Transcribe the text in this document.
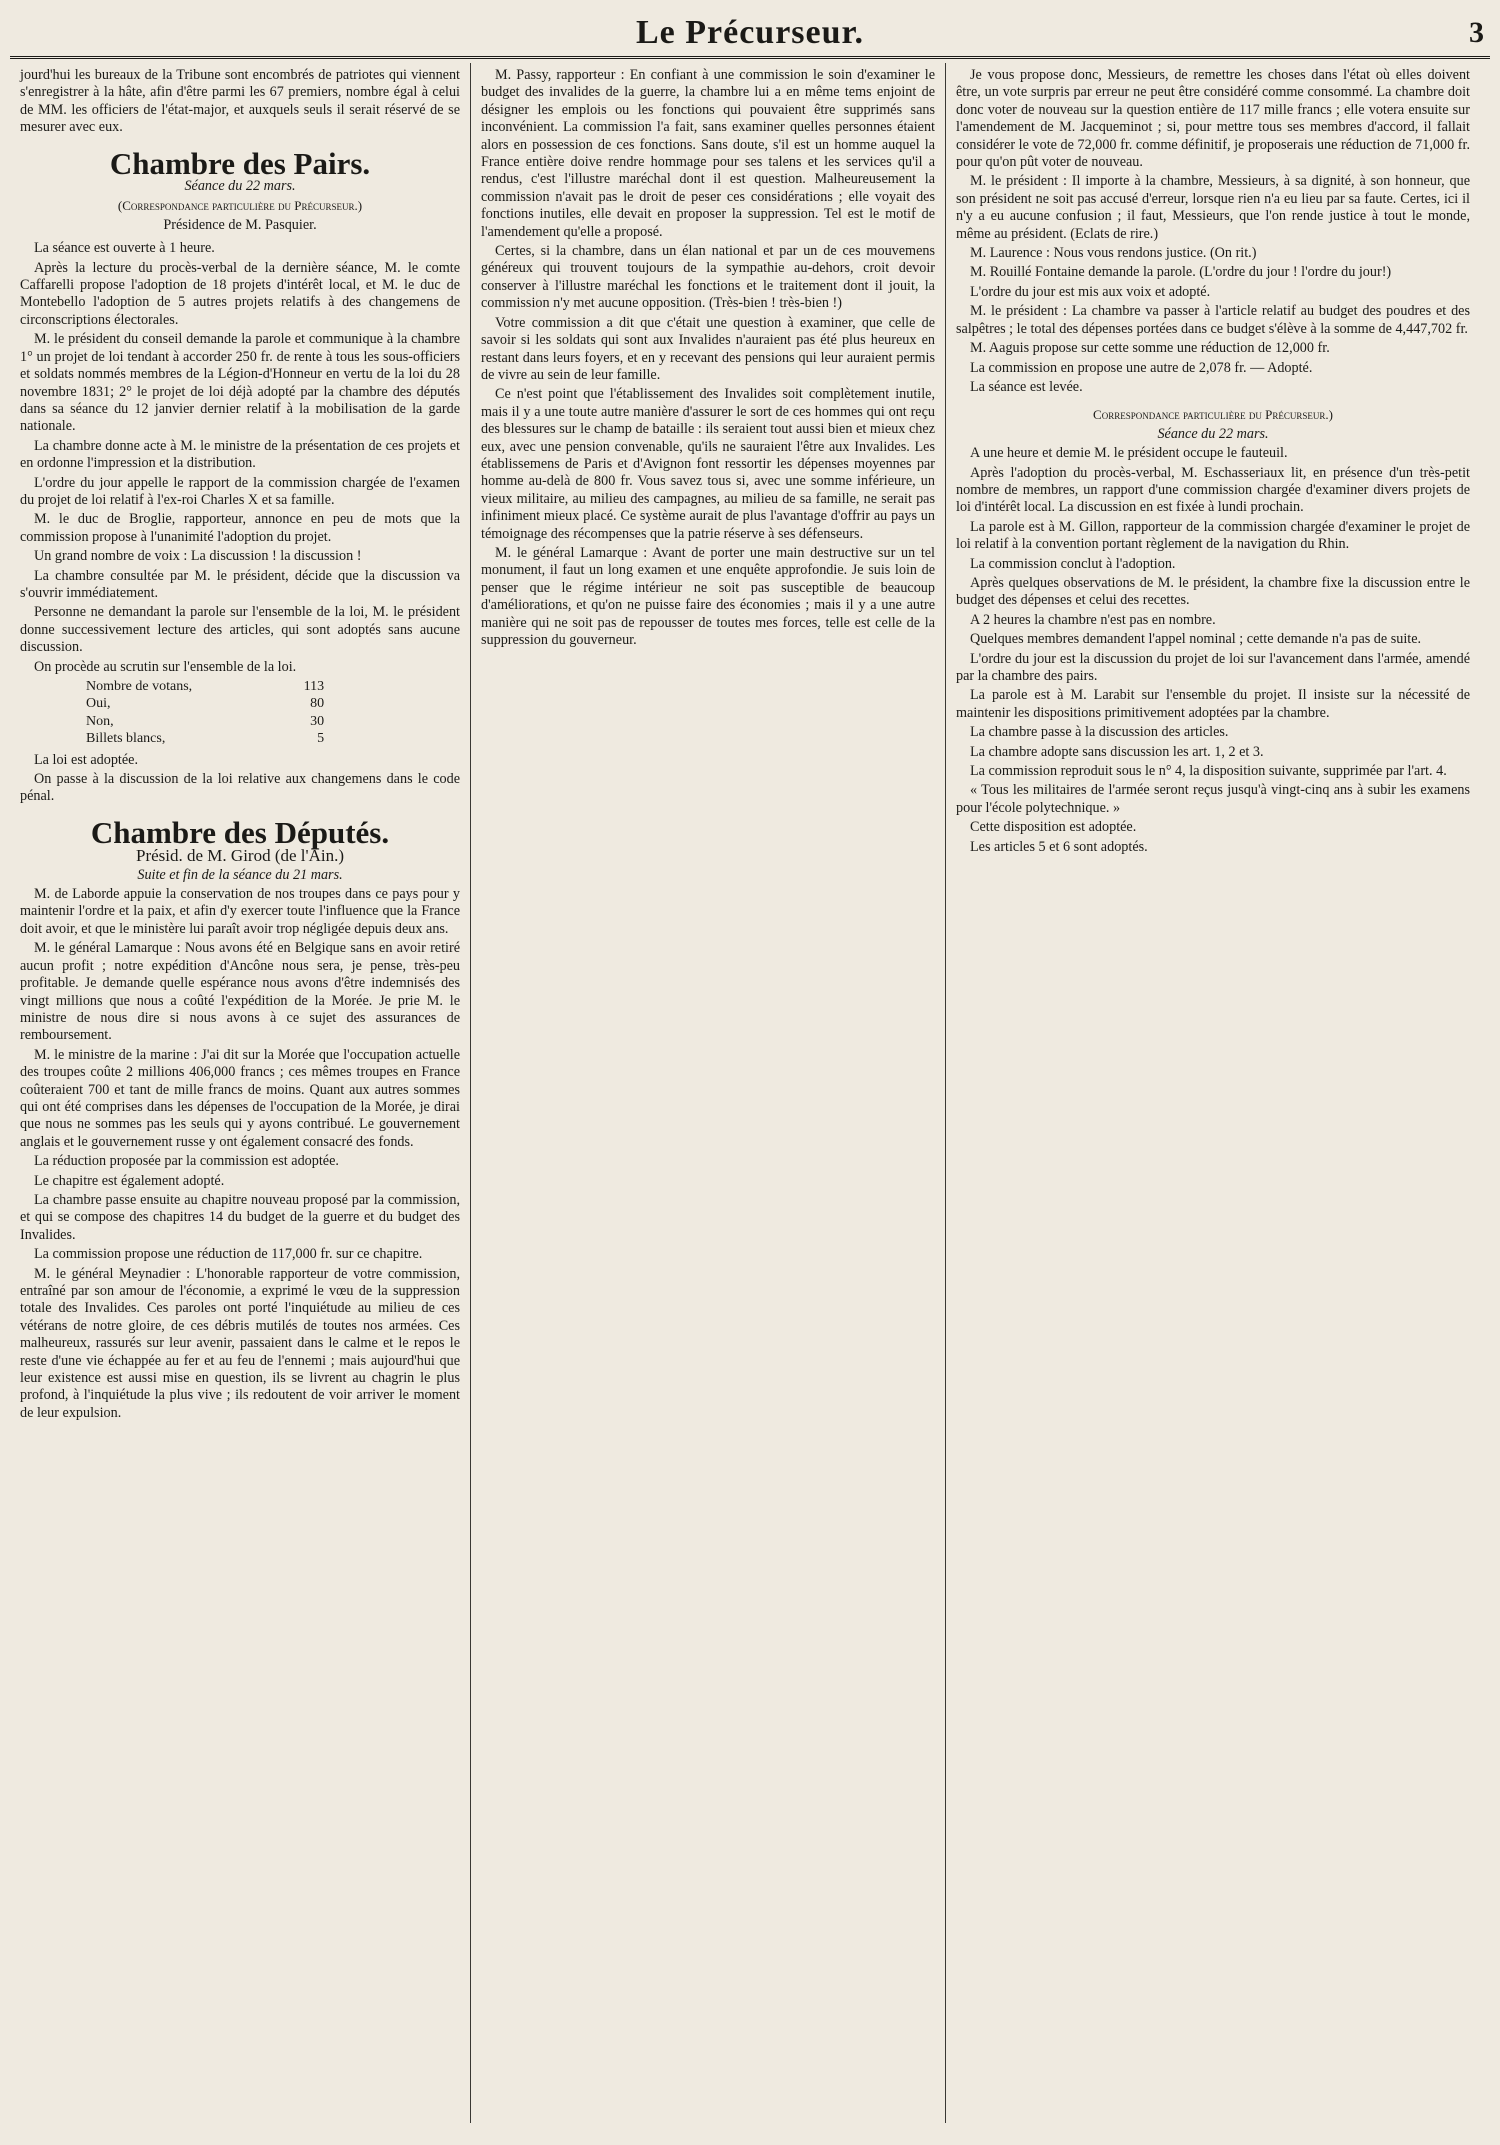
Le Précurseur.	3

jourd'hui les bureaux de la Tribune sont encombrés de patriotes qui viennent s'enregistrer à la hâte, afin d'être parmi les 67 premiers, nombre égal à celui de MM. les officiers de l'état-major, et auxquels seuls il serait réservé de se mesurer avec eux.

Chambre des Pairs.

Séance du 22 mars.

(Correspondance particulière du Précurseur.)

Présidence de M. Pasquier.

La séance est ouverte à 1 heure.

Après la lecture du procès-verbal de la dernière séance, M. le comte Caffarelli propose l'adoption de 18 projets d'intérêt local, et M. le duc de Montebello l'adoption de 5 autres projets relatifs à des changemens de circonscriptions électorales.

M. le président du conseil demande la parole et communique à la chambre 1° un projet de loi tendant à accorder 250 fr. de rente à tous les sous-officiers et soldats nommés membres de la Légion-d'Honneur en vertu de la loi du 28 novembre 1831; 2° le projet de loi déjà adopté par la chambre des députés dans sa séance du 12 janvier dernier relatif à la mobilisation de la garde nationale.

La chambre donne acte à M. le ministre de la présentation de ces projets et en ordonne l'impression et la distribution.

L'ordre du jour appelle le rapport de la commission chargée de l'examen du projet de loi relatif à l'ex-roi Charles X et sa famille.

M. le duc de Broglie, rapporteur, annonce en peu de mots que la commission propose à l'unanimité l'adoption du projet.

Un grand nombre de voix : La discussion ! la discussion !

La chambre consultée par M. le président, décide que la discussion va s'ouvrir immédiatement.

Personne ne demandant la parole sur l'ensemble de la loi, M. le président donne successivement lecture des articles, qui sont adoptés sans aucune discussion.

On procède au scrutin sur l'ensemble de la loi.

Nombre de votans,	113
Oui,	80
Non,	30
Billets blancs,	5

La loi est adoptée.

On passe à la discussion de la loi relative aux changemens dans le code pénal.

Chambre des Députés.

Présid. de M. Girod (de l'Ain.)

Suite et fin de la séance du 21 mars.

M. de Laborde appuie la conservation de nos troupes dans ce pays pour y maintenir l'ordre et la paix, et afin d'y exercer toute l'influence que la France doit avoir, et que le ministère lui paraît avoir trop négligée depuis deux ans.

M. le général Lamarque : Nous avons été en Belgique sans en avoir retiré aucun profit ; notre expédition d'Ancône nous sera, je pense, très-peu profitable. Je demande quelle espérance nous avons d'être indemnisés des vingt millions que nous a coûté l'expédition de la Morée. Je prie M. le ministre de nous dire si nous avons à ce sujet des assurances de remboursement.

M. le ministre de la marine : J'ai dit sur la Morée que l'occupation actuelle des troupes coûte 2 millions 406,000 francs ; ces mêmes troupes en France coûteraient 700 et tant de mille francs de moins. Quant aux autres sommes qui ont été comprises dans les dépenses de l'occupation de la Morée, je dirai que nous ne sommes pas les seuls qui y ayons contribué. Le gouvernement anglais et le gouvernement russe y ont également consacré des fonds.

La réduction proposée par la commission est adoptée.

Le chapitre est également adopté.

La chambre passe ensuite au chapitre nouveau proposé par la commission, et qui se compose des chapitres 14 du budget de la guerre et du budget des Invalides.

La commission propose une réduction de 117,000 fr. sur ce chapitre.

M. le général Meynadier : L'honorable rapporteur de votre commission, entraîné par son amour de l'économie, a exprimé le vœu de la suppression totale des Invalides. Ces paroles ont porté l'inquiétude au milieu de ces vétérans de notre gloire, de ces débris mutilés de toutes nos armées. Ces malheureux, rassurés sur leur avenir, passaient dans le calme et le repos le reste d'une vie échappée au fer et au feu de l'ennemi ; mais aujourd'hui que leur existence est aussi mise en question, ils se livrent au chagrin le plus profond, à l'inquiétude la plus vive ; ils redoutent de voir arriver le moment de leur expulsion.

M. Passy, rapporteur : En confiant à une commission le soin d'examiner le budget des invalides de la guerre, la chambre lui a en même tems enjoint de désigner les emplois ou les fonctions qui pouvaient être supprimés sans inconvénient. La commission l'a fait, sans examiner quelles personnes étaient alors en possession de ces fonctions. Sans doute, s'il est un homme auquel la France entière doive rendre hommage pour ses talens et les services qu'il a rendus, c'est l'illustre maréchal dont il est question. Malheureusement la commission n'avait pas le droit de peser ces considérations ; elle voyait des fonctions inutiles, elle devait en proposer la suppression. Tel est le motif de l'amendement qu'elle a proposé.

Certes, si la chambre, dans un élan national et par un de ces mouvemens généreux qui trouvent toujours de la sympathie au-dehors, croit devoir conserver à l'illustre maréchal les fonctions et le traitement dont il jouit, la commission n'y met aucune opposition. (Très-bien ! très-bien !)

Votre commission a dit que c'était une question à examiner, que celle de savoir si les soldats qui sont aux Invalides n'auraient pas été plus heureux en restant dans leurs foyers, et en y recevant des pensions qui leur auraient permis de vivre au sein de leur famille.

Ce n'est point que l'établissement des Invalides soit complètement inutile, mais il y a une toute autre manière d'assurer le sort de ces hommes qui ont reçu des blessures sur le champ de bataille : ils seraient tout aussi bien et mieux chez eux, avec une pension convenable, qu'ils ne sauraient l'être aux Invalides. Les établissemens de Paris et d'Avignon font ressortir les dépenses moyennes par homme au-delà de 800 fr. Vous savez tous si, avec une somme inférieure, un vieux militaire, au milieu des campagnes, au milieu de sa famille, ne serait pas infiniment mieux placé. Ce système aurait de plus l'avantage d'offrir au pays un témoignage des récompenses que la patrie réserve à ses défenseurs.

M. le général Lamarque : Avant de porter une main destructive sur un tel monument, il faut un long examen et une enquête approfondie. Je suis loin de penser que le régime intérieur ne soit pas susceptible de beaucoup d'améliorations, et qu'on ne puisse faire des économies ; mais il y a une autre manière qui ne soit pas de repousser de toutes mes forces, telle est celle de la suppression du gouverneur.

Je vous propose donc, Messieurs, de remettre les choses dans l'état où elles doivent être, un vote surpris par erreur ne peut être considéré comme consommé. La chambre doit donc voter de nouveau sur la question entière de 117 mille francs ; elle votera ensuite sur l'amendement de M. Jacqueminot ; si, pour mettre tous ses membres d'accord, il fallait considérer le vote de 72,000 fr. comme définitif, je proposerais une réduction de 71,000 fr. pour qu'on pût voter de nouveau.

M. le président : Il importe à la chambre, Messieurs, à sa dignité, à son honneur, que son président ne soit pas accusé d'erreur, lorsque rien n'a eu lieu par sa faute. Certes, ici il n'y a eu aucune confusion ; il faut, Messieurs, que l'on rende justice à tout le monde, même au président. (Eclats de rire.)

M. Laurence : Nous vous rendons justice. (On rit.)

M. Rouillé Fontaine demande la parole. (L'ordre du jour ! l'ordre du jour!)

L'ordre du jour est mis aux voix et adopté.

M. le président : La chambre va passer à l'article relatif au budget des poudres et des salpêtres ; le total des dépenses portées dans ce budget s'élève à la somme de 4,447,702 fr.

M. Aaguis propose sur cette somme une réduction de 12,000 fr.

La commission en propose une autre de 2,078 fr. — Adopté.

La séance est levée.

Correspondance particulière du Précurseur.)

Séance du 22 mars.

A une heure et demie M. le président occupe le fauteuil.

Après l'adoption du procès-verbal, M. Eschasseriaux lit, en présence d'un très-petit nombre de membres, un rapport d'une commission chargée d'examiner divers projets de loi d'intérêt local. La discussion en est fixée à lundi prochain.

La parole est à M. Gillon, rapporteur de la commission chargée d'examiner le projet de loi relatif à la convention portant règlement de la navigation du Rhin.

La commission conclut à l'adoption.

Après quelques observations de M. le président, la chambre fixe la discussion entre le budget des dépenses et celui des recettes.

A 2 heures la chambre n'est pas en nombre.

Quelques membres demandent l'appel nominal ; cette demande n'a pas de suite.

L'ordre du jour est la discussion du projet de loi sur l'avancement dans l'armée, amendé par la chambre des pairs.

La parole est à M. Larabit sur l'ensemble du projet. Il insiste sur la nécessité de maintenir les dispositions primitivement adoptées par la chambre.

La chambre passe à la discussion des articles.

La chambre adopte sans discussion les art. 1, 2 et 3.

La commission reproduit sous le n° 4, la disposition suivante, supprimée par l'art. 4.

« Tous les militaires de l'armée seront reçus jusqu'à vingt-cinq ans à subir les examens pour l'école polytechnique. »

Cette disposition est adoptée.

Les articles 5 et 6 sont adoptés.
